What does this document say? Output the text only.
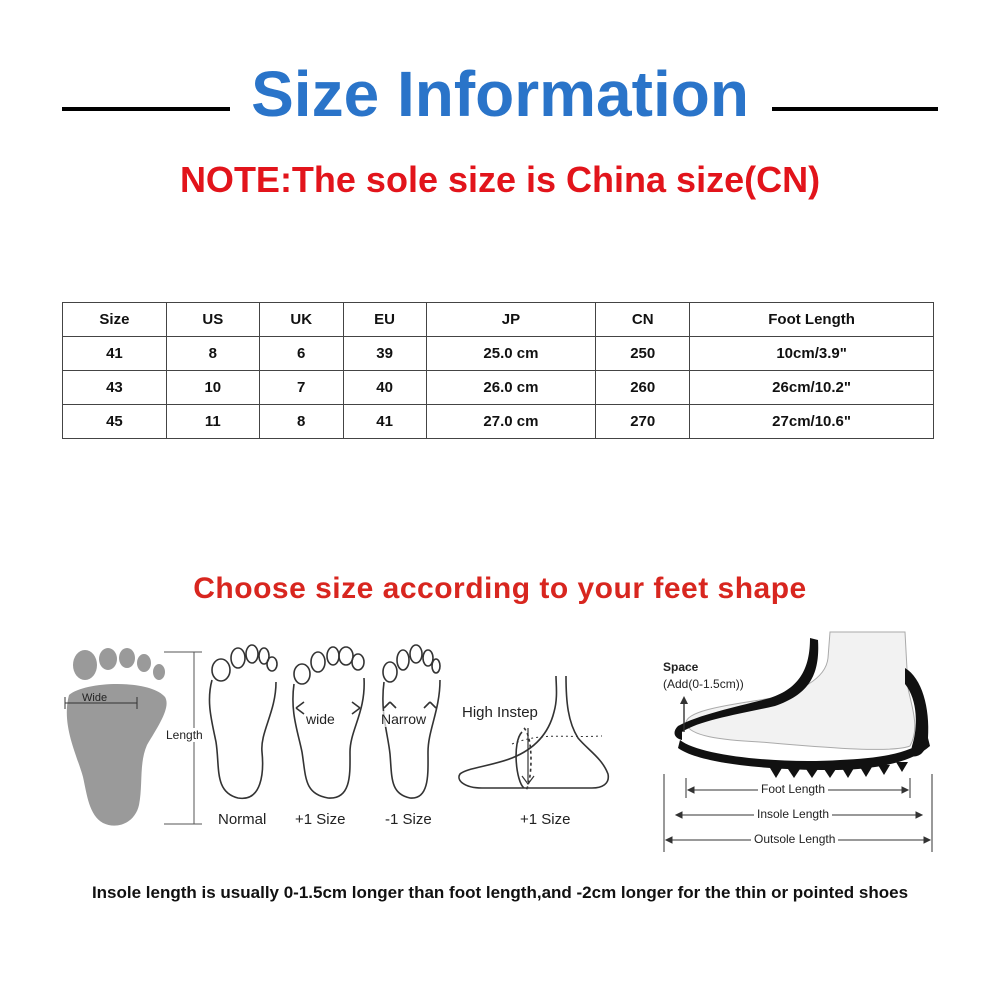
Size Information
NOTE:The sole size is China size(CN)
Size	US	UK	EU	JP	CN	Foot Length
41	8	6	39	25.0 cm	250	10cm/3.9"
43	10	7	40	26.0 cm	260	26cm/10.2"
45	11	8	41	27.0 cm	270	27cm/10.6"
Choose size according to your feet shape
Wide
Length
Normal
wide
+1 Size
Narrow
-1 Size
High Instep
+1 Size
Space
(Add(0-1.5cm))
Foot Length
Insole Length
Outsole Length
Insole length is usually 0-1.5cm longer than foot length,and -2cm longer for the thin or pointed shoes
